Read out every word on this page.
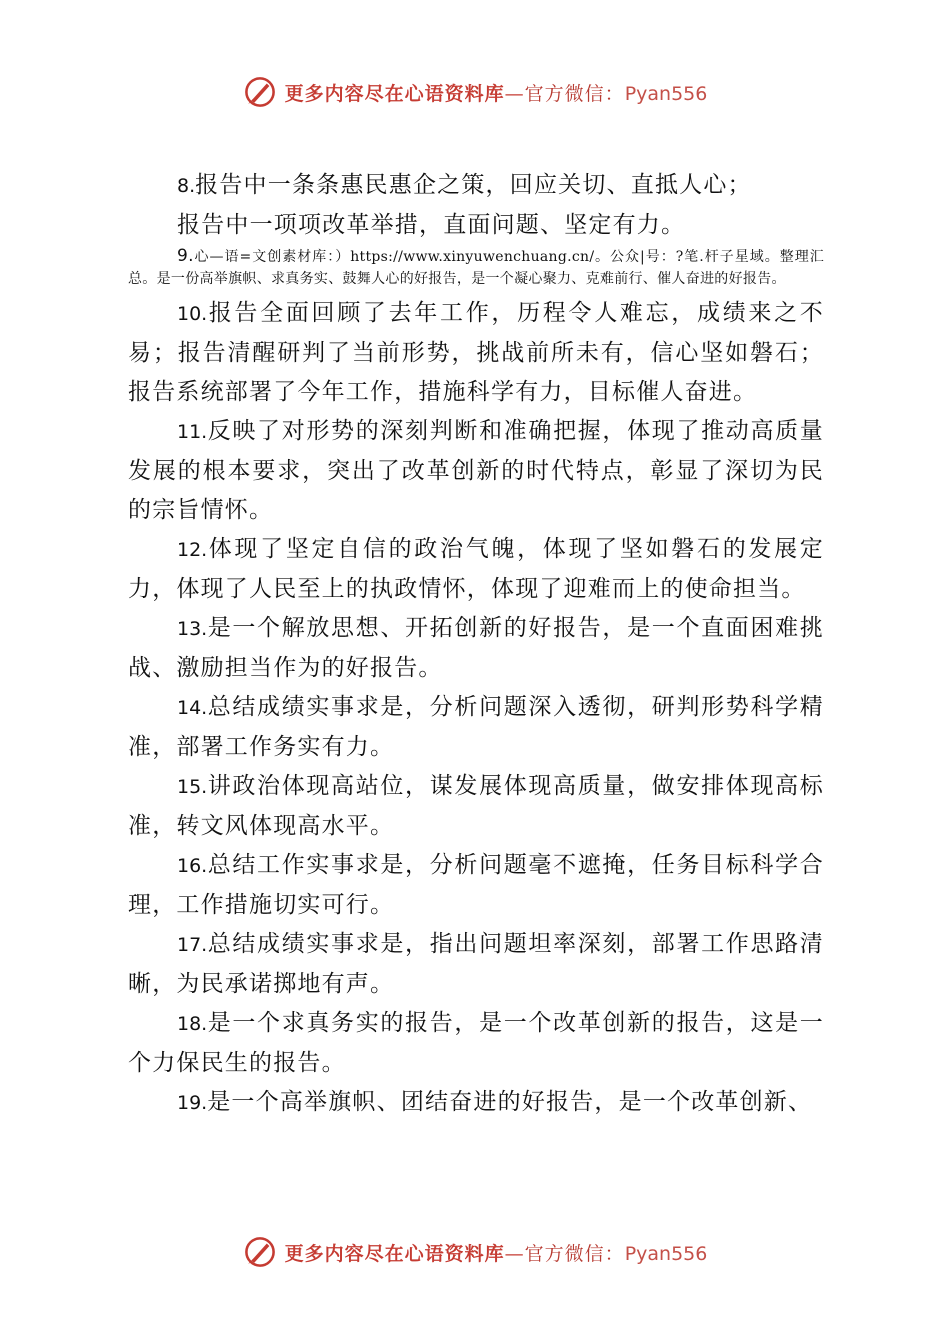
更多内容尽在心语资料库—官方微信：Pyan556

8.报告中一条条惠民惠企之策，回应关切、直抵人心；

报告中一项项改革举措，直面问题、坚定有力。

9.心—语=文创素材库：）https://www.xinyuwenchuang.cn/。公众|号：?笔.杆子星域。整理汇总。是一份高举旗帜、求真务实、鼓舞人心的好报告，是一个凝心聚力、克难前行、催人奋进的好报告。

10.报告全面回顾了去年工作，历程令人难忘，成绩来之不易；报告清醒研判了当前形势，挑战前所未有，信心坚如磐石；报告系统部署了今年工作，措施科学有力，目标催人奋进。

11.反映了对形势的深刻判断和准确把握，体现了推动高质量发展的根本要求，突出了改革创新的时代特点，彰显了深切为民的宗旨情怀。

12.体现了坚定自信的政治气魄，体现了坚如磐石的发展定力，体现了人民至上的执政情怀，体现了迎难而上的使命担当。

13.是一个解放思想、开拓创新的好报告，是一个直面困难挑战、激励担当作为的好报告。

14.总结成绩实事求是，分析问题深入透彻，研判形势科学精准，部署工作务实有力。

15.讲政治体现高站位，谋发展体现高质量，做安排体现高标准，转文风体现高水平。

16.总结工作实事求是，分析问题毫不遮掩，任务目标科学合理，工作措施切实可行。

17.总结成绩实事求是，指出问题坦率深刻，部署工作思路清晰，为民承诺掷地有声。

18.是一个求真务实的报告，是一个改革创新的报告，这是一个力保民生的报告。

19.是一个高举旗帜、团结奋进的好报告，是一个改革创新、

更多内容尽在心语资料库—官方微信：Pyan556
